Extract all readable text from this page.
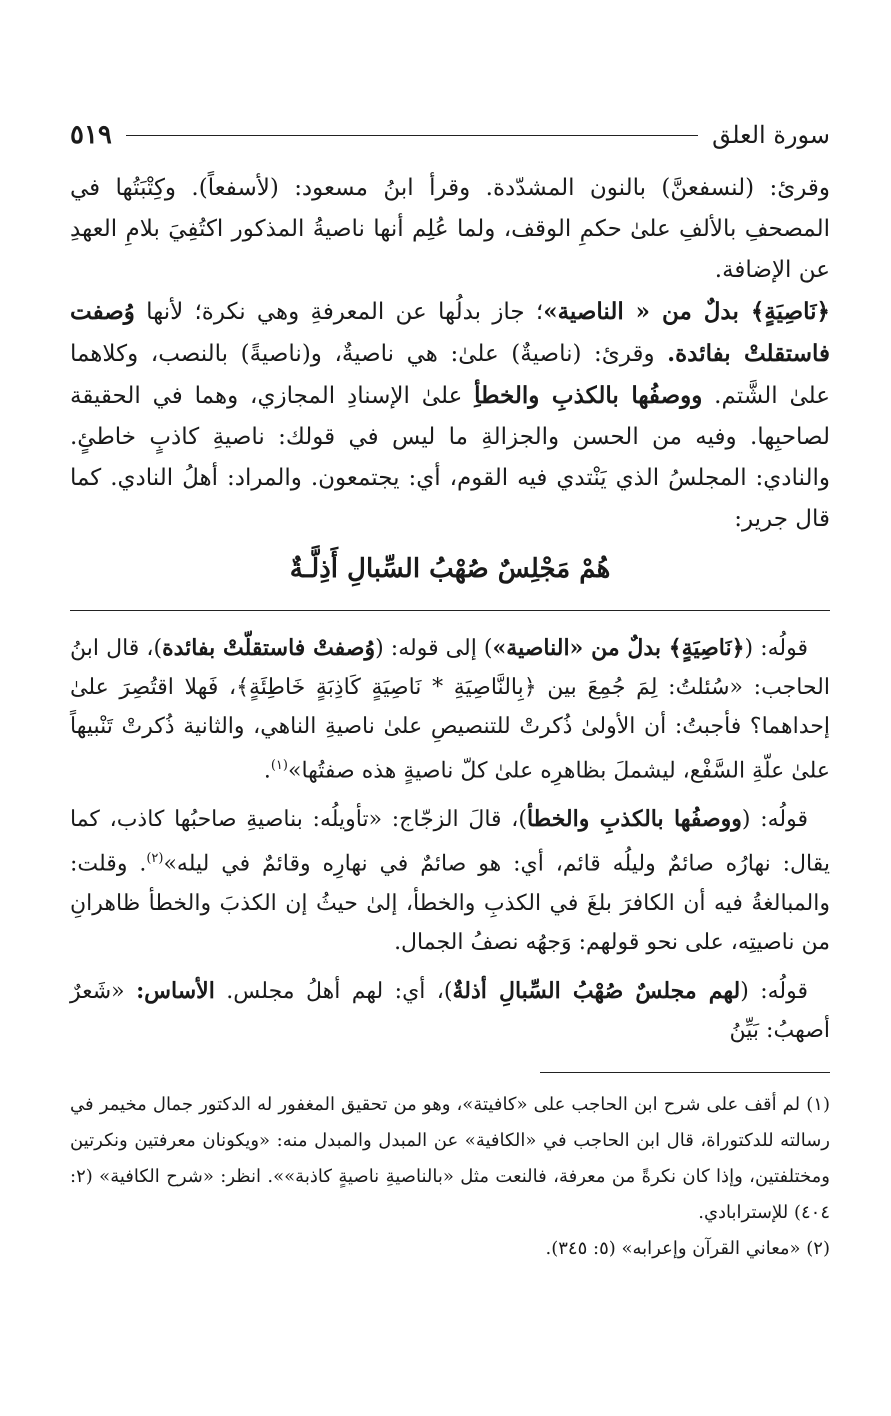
سورة العلق
٥١٩

وقرئ: (لنسفعنَّ) بالنون المشدّدة. وقرأ ابنُ مسعود: (لأسفعاً). وكِتْبَتُها في المصحفِ بالألفِ علىٰ حكمِ الوقف، ولما عُلِم أنها ناصيةُ المذكور اكتُفِيَ بلامِ العهدِ عن الإضافة.

﴿نَاصِيَةٍ﴾ بدلٌ من « الناصية»؛ جاز بدلُها عن المعرفةِ وهي نكرة؛ لأنها وُصفت فاستقلتْ بفائدة. وقرئ: (ناصيةٌ) علىٰ: هي ناصيةٌ، و(ناصيةً) بالنصب، وكلاهما علىٰ الشَّتم. ووصفُها بالكذبِ والخطأِ علىٰ الإسنادِ المجازي، وهما في الحقيقة لصاحبِها. وفيه من الحسن والجزالةِ ما ليس في قولك: ناصيةِ كاذبٍ خاطئٍ. والنادي: المجلسُ الذي يَنْتدي فيه القوم، أي: يجتمعون. والمراد: أهلُ النادي. كما قال جرير:

هُمْ مَجْلِسٌ صُهْبُ السِّبالِ أَذِلَّـةٌ

قولُه: (﴿نَاصِيَةٍ﴾ بدلٌ من «الناصية») إلى قوله: (وُصفتْ فاستقلّتْ بفائدة)، قال ابنُ الحاجب: «سُئلتُ: لِمَ جُمِعَ بين ﴿بِالنَّاصِيَةِ * نَاصِيَةٍ كَاذِبَةٍ خَاطِئَةٍ﴾، فَهلا اقتُصِرَ علىٰ إحداهما؟ فأجبتُ: أن الأولىٰ ذُكرتْ للتنصيصِ علىٰ ناصيةِ الناهي، والثانية ذُكرتْ تَنْبيهاً علىٰ علّةِ السَّفْع، ليشملَ بظاهرِه علىٰ كلّ ناصيةٍ هذه صفتُها»$^{(١)}$.

قولُه: (ووصفُها بالكذبِ والخطأ)، قالَ الزجّاج: «تأويلُه: بناصيةِ صاحبُها كاذب، كما يقال: نهارُه صائمٌ وليلُه قائم، أي: هو صائمٌ في نهارِه وقائمٌ في ليله»$^{(٢)}$. وقلت: والمبالغةُ فيه أن الكافرَ بلغَ في الكذبِ والخطأ، إلىٰ حيثُ إن الكذبَ والخطأ ظاهرانِ من ناصيتِه، على نحو قولهم: وَجهُه نصفُ الجمال.

قولُه: (لهم مجلسٌ صُهْبُ السِّبالِ أذلةٌ)، أي: لهم أهلُ مجلس. الأساس: «شَعرٌ أصهبُ: بَيِّنُ

(١) لم أقف على شرح ابن الحاجب على «كافيتة»، وهو من تحقيق المغفور له الدكتور جمال مخيمر في رسالته للدكتوراة، قال ابن الحاجب في «الكافية» عن المبدل والمبدل منه: «ويكونان معرفتين ونكرتين ومختلفتين، وإذا كان نكرةً من معرفة، فالنعت مثل «بالناصيةِ ناصيةٍ كاذبة»». انظر: «شرح الكافية» (٢: ٤٠٤) للإسترابادي.

(٢) «معاني القرآن وإعرابه» (٥: ٣٤٥).
